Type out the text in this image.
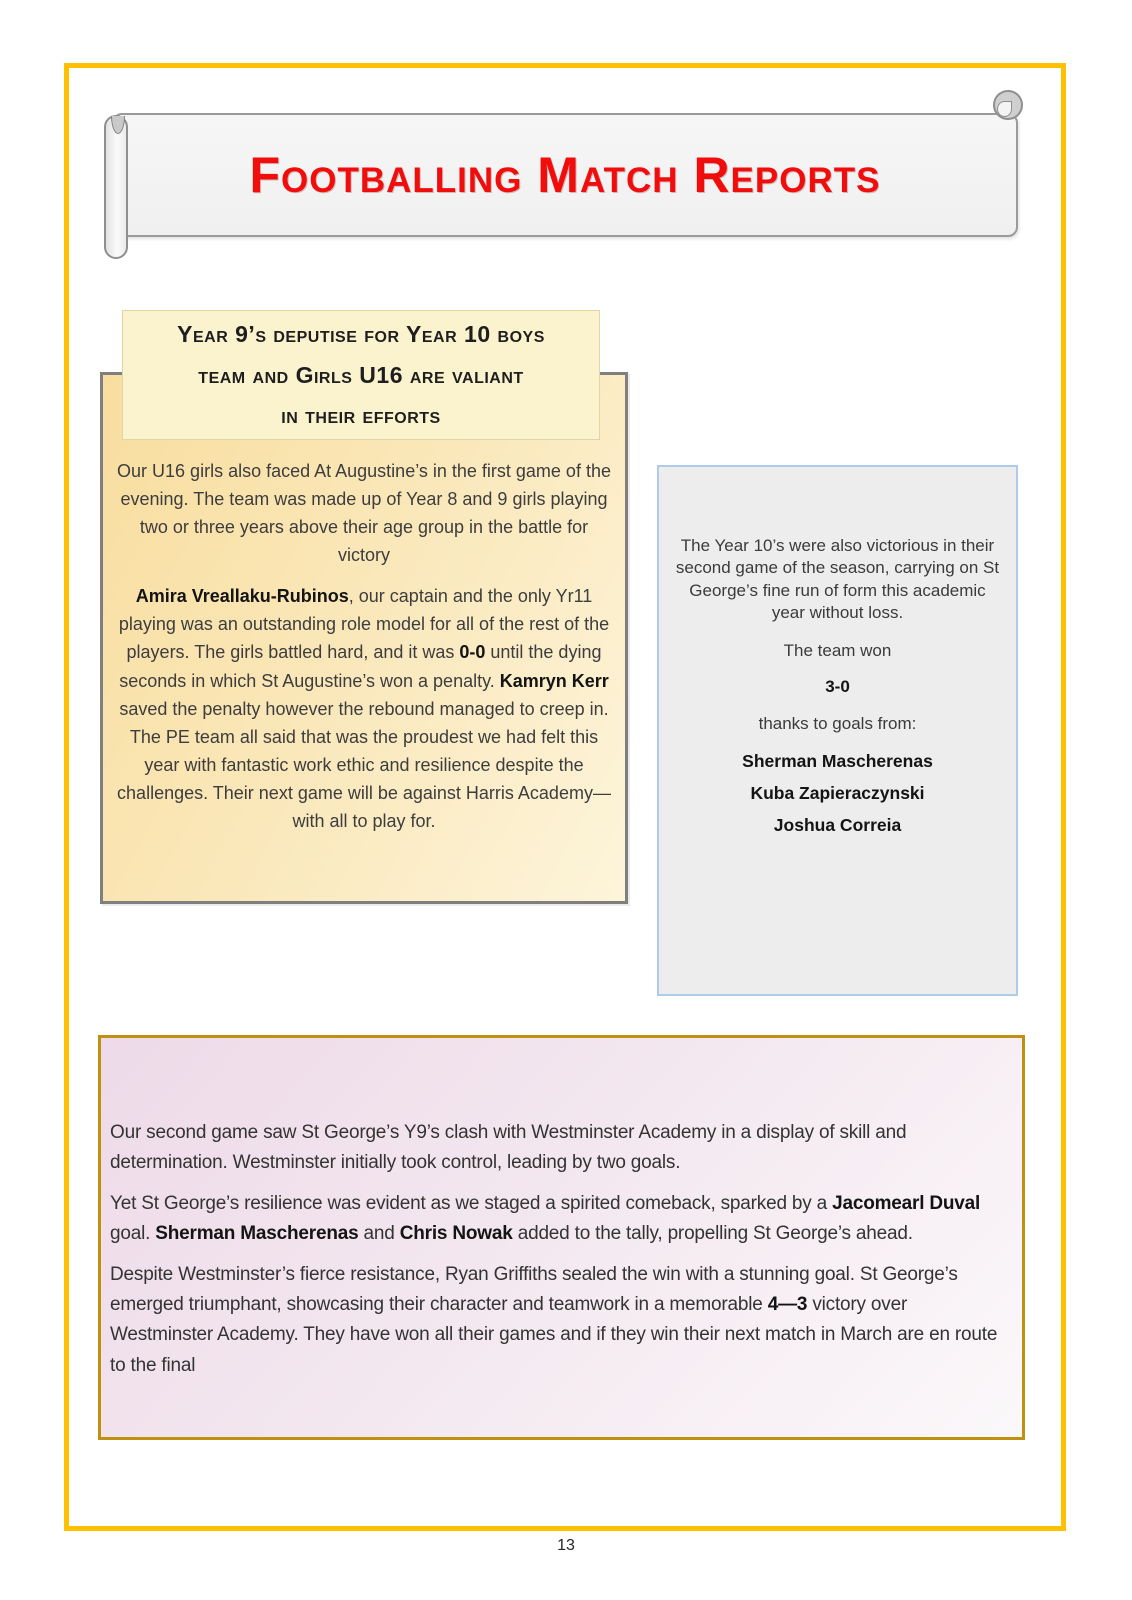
Footballing Match Reports
Year 9’s deputise for Year 10 boys
team and Girls U16 are valiant
in their efforts

Our U16 girls also faced At Augustine’s in the first game of the evening. The team was made up of Year 8 and 9 girls playing two or three years above their age group in the battle for victory

Amira Vreallaku-Rubinos, our captain and the only Yr11 playing was an outstanding role model for all of the rest of the players. The girls battled hard, and it was 0-0 until the dying seconds in which St Augustine’s won a penalty. Kamryn Kerr saved the penalty however the rebound managed to creep in. The PE team all said that was the proudest we had felt this year with fantastic work ethic and resilience despite the challenges. Their next game will be against Harris Academy—with all to play for.

The Year 10’s were also victorious in their second game of the season, carrying on St George’s fine run of form this academic year without loss.

The team won

3-0

thanks to goals from:

Sherman Mascherenas

Kuba Zapieraczynski

Joshua Correia

Our second game saw St George’s Y9’s clash with Westminster Academy in a display of skill and determination. Westminster initially took control, leading by two goals.

Yet St George’s resilience was evident as we staged a spirited comeback, sparked by a Jacomearl Duval goal. Sherman Mascherenas and Chris Nowak added to the tally, propelling St George’s ahead.

Despite Westminster’s fierce resistance, Ryan Griffiths sealed the win with a stunning goal. St George’s emerged triumphant, showcasing their character and teamwork in a memorable 4—3 victory over Westminster Academy. They have won all their games and if they win their next match in March are en route to the final

13
